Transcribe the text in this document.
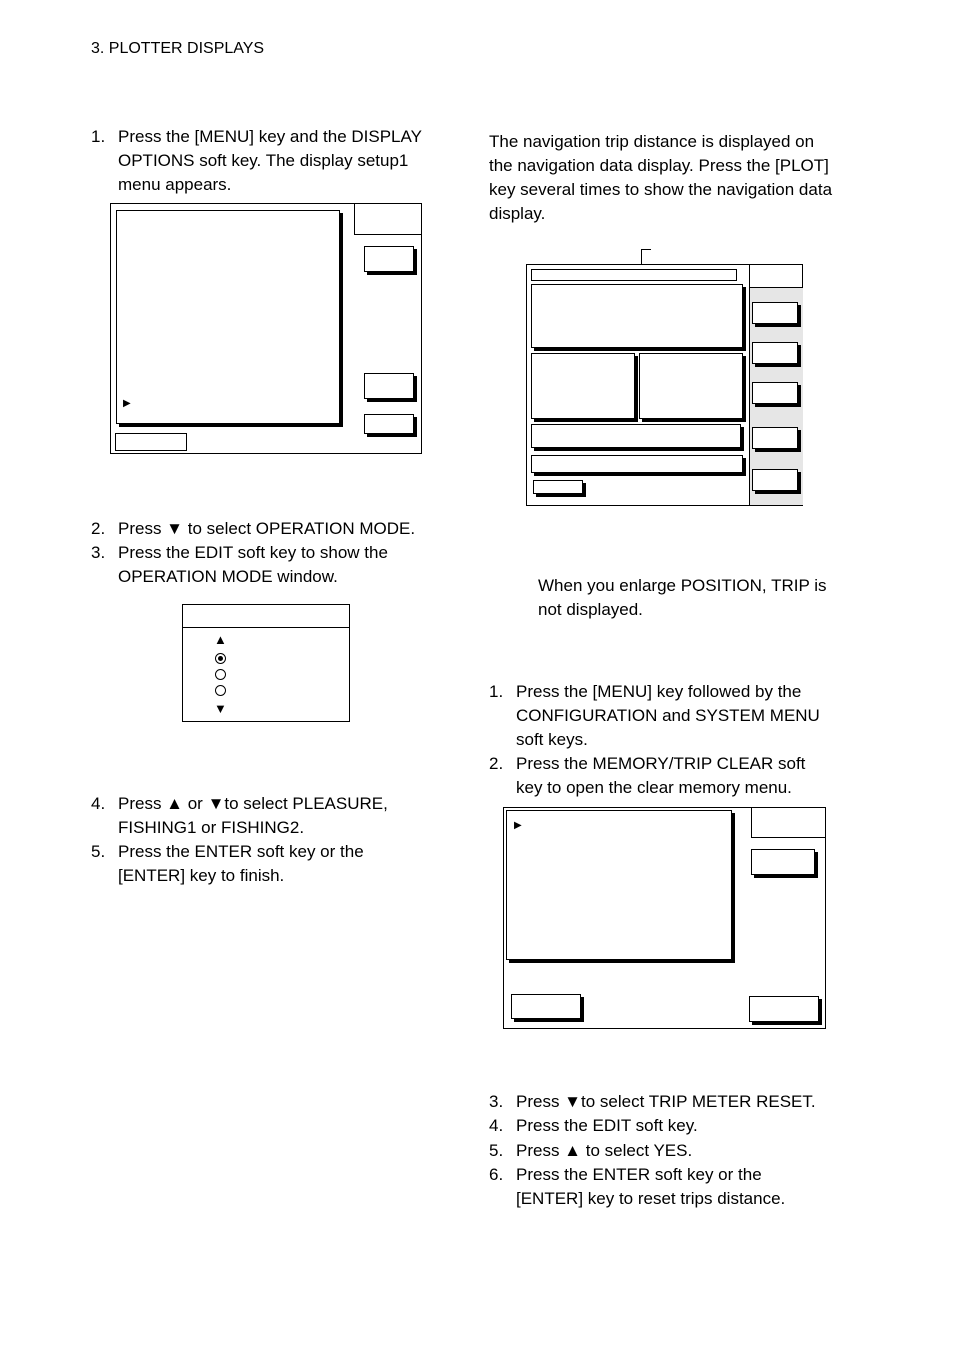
3. PLOTTER DISPLAYS
1. Press the [MENU] key and the DISPLAY OPTIONS soft key. The display setup1 menu appears.
▶
2. Press ▼ to select OPERATION MODE.
3. Press the EDIT soft key to show the OPERATION MODE window.
▲
▼
4. Press ▲ or ▼to select PLEASURE, FISHING1 or FISHING2.
5. Press the ENTER soft key or the [ENTER] key to finish.
The navigation trip distance is displayed on the navigation data display. Press the [PLOT] key several times to show the navigation data display.
When you enlarge POSITION, TRIP is not displayed.
1. Press the [MENU] key followed by the CONFIGURATION and SYSTEM MENU soft keys.
2. Press the MEMORY/TRIP CLEAR soft key to open the clear memory menu.
▶
3. Press ▼to select TRIP METER RESET.
4. Press the EDIT soft key.
5. Press ▲ to select YES.
6. Press the ENTER soft key or the [ENTER] key to reset trips distance.
